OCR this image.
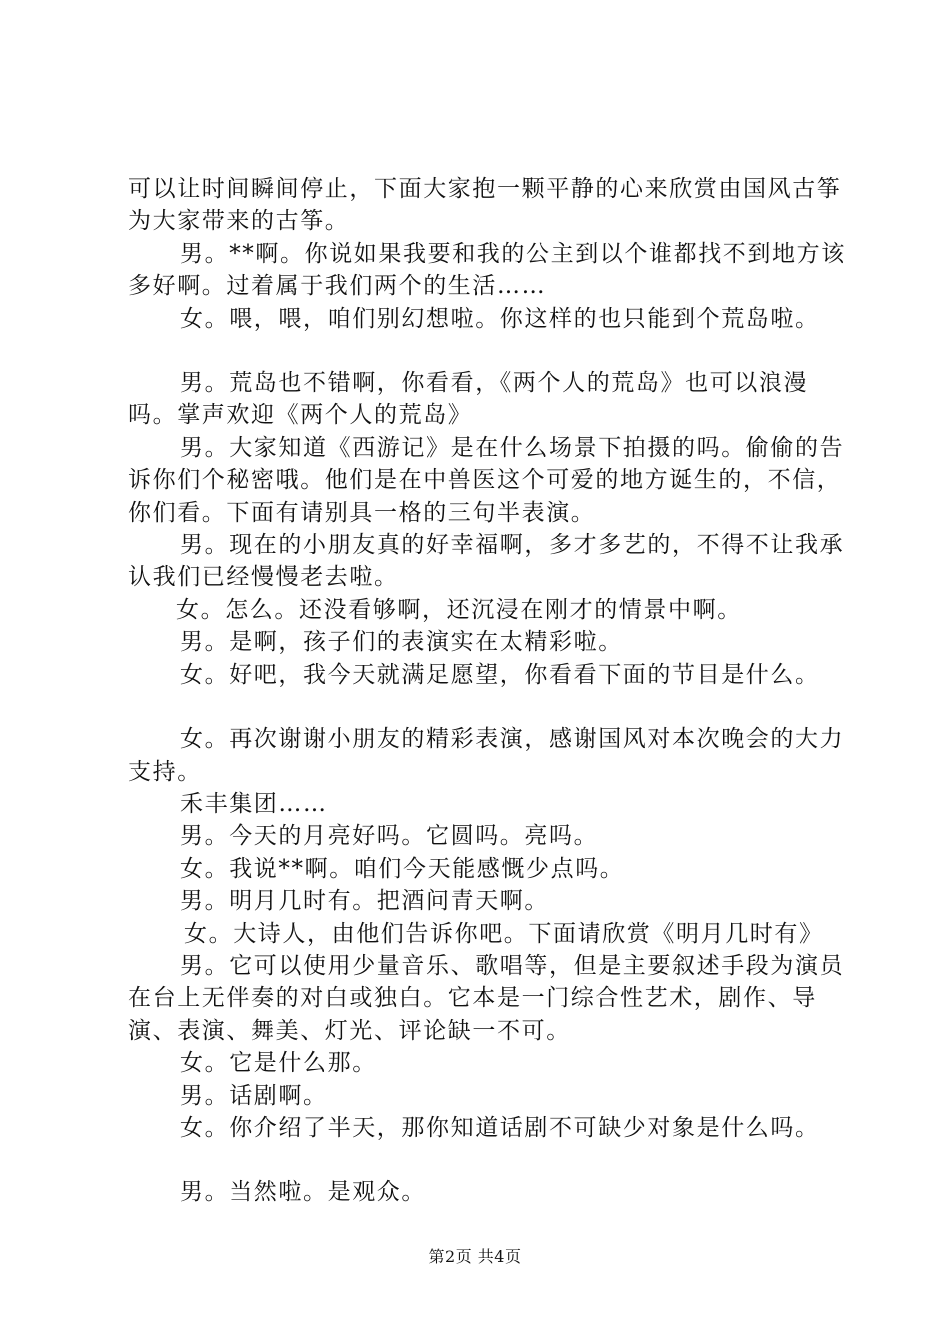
可以让时间瞬间停止，下面大家抱一颗平静的心来欣赏由国风古筝为大家带来的古筝。

男。**啊。你说如果我要和我的公主到以个谁都找不到地方该多好啊。过着属于我们两个的生活……

女。喂，喂，咱们别幻想啦。你这样的也只能到个荒岛啦。

男。荒岛也不错啊，你看看，《两个人的荒岛》也可以浪漫吗。掌声欢迎《两个人的荒岛》

男。大家知道《西游记》是在什么场景下拍摄的吗。偷偷的告诉你们个秘密哦。他们是在中兽医这个可爱的地方诞生的，不信，你们看。下面有请别具一格的三句半表演。

男。现在的小朋友真的好幸福啊，多才多艺的，不得不让我承认我们已经慢慢老去啦。

女。怎么。还没看够啊，还沉浸在刚才的情景中啊。

男。是啊，孩子们的表演实在太精彩啦。

女。好吧，我今天就满足愿望，你看看下面的节目是什么。

女。再次谢谢小朋友的精彩表演，感谢国风对本次晚会的大力支持。

禾丰集团……

男。今天的月亮好吗。它圆吗。亮吗。

女。我说**啊。咱们今天能感慨少点吗。

男。明月几时有。把酒问青天啊。

女。大诗人，由他们告诉你吧。下面请欣赏《明月几时有》

男。它可以使用少量音乐、歌唱等，但是主要叙述手段为演员在台上无伴奏的对白或独白。它本是一门综合性艺术，剧作、导演、表演、舞美、灯光、评论缺一不可。

女。它是什么那。

男。话剧啊。

女。你介绍了半天，那你知道话剧不可缺少对象是什么吗。

男。当然啦。是观众。

第2页 共4页
